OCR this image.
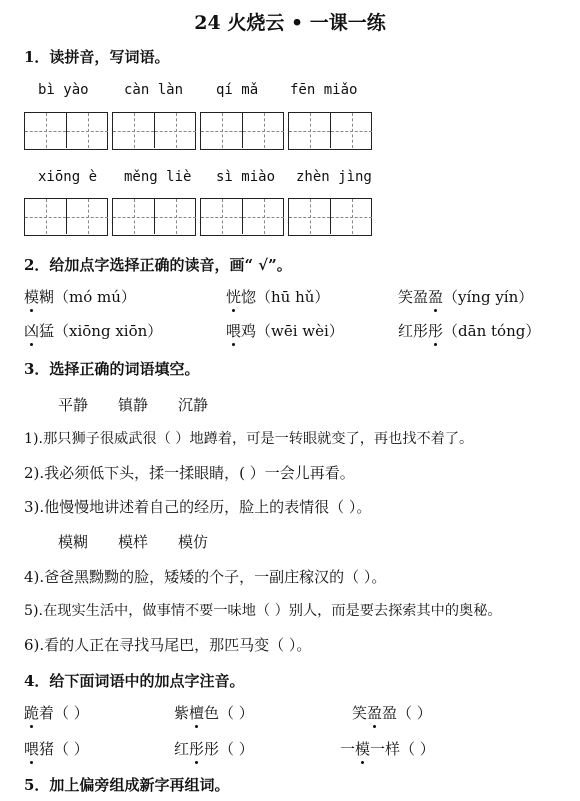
24 火烧云 • 一课一练
1．读拼音，写词语。
bì yào	càn làn qí mǎ fēn miǎo
xiōng è měng liè sì miào zhèn jìng
2．给加点字选择正确的读音，画“ √”。
模糊（mó mú）	恍惚（hū hǔ）	笑盈盈（yíng yín）
凶猛（xiōng xiōn）	喂鸡（wēi wèi）	红彤彤（dān tóng）
3．选择正确的词语填空。
平静 镇静 沉静
1).那只狮子很威武很（ ）地蹲着，可是一转眼就变了，再也找不着了。
2).我必须低下头，揉一揉眼睛，( ）一会儿再看。
3).他慢慢地讲述着自己的经历，脸上的表情很（ ）。
模糊 模样 模仿
4).爸爸黑黝黝的脸，矮矮的个子，一副庄稼汉的（ ）。
5).在现实生活中，做事情不要一味地（ ）别人，而是要去探索其中的奥秘。
6).看的人正在寻找马尾巴，那匹马变（ ）。
4．给下面词语中的加点字注音。
跪着（ ）	紫檀色（ ）	笑盈盈（ ）
喂猪（ ）	红彤彤（ ）	一模一样（ ）
5．加上偏旁组成新字再组词。
